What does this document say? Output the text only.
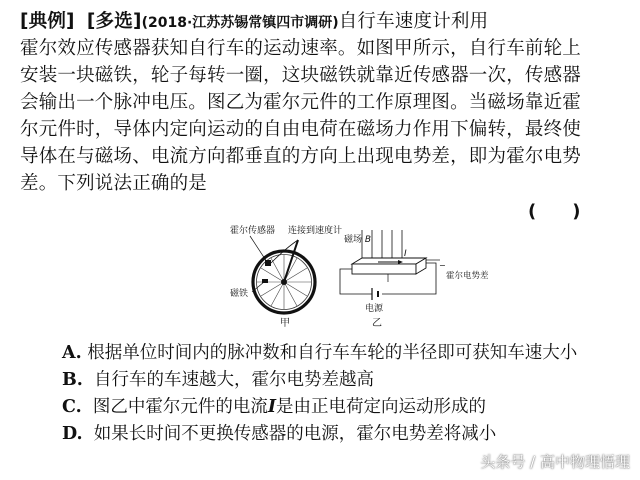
[典例] [多选](2018·江苏苏锡常镇四市调研)自行车速度计利用
霍尔效应传感器获知自行车的运动速率。如图甲所示，自行车前轮上
安装一块磁铁，轮子每转一圈，这块磁铁就靠近传感器一次，传感器
会输出一个脉冲电压。图乙为霍尔元件的工作原理图。当磁场靠近霍
尔元件时，导体内定向运动的自由电荷在磁场力作用下偏转，最终使
导体在与磁场、电流方向都垂直的方向上出现电势差，即为霍尔电势
差。下列说法正确的是
(　　)
霍尔传感器 连接到速度计
磁铁
甲
磁场 B
I
电源
−
霍尔电势差
乙
A. 根据单位时间内的脉冲数和自行车车轮的半径即可获知车速大小
B. 自行车的车速越大，霍尔电势差越高
C. 图乙中霍尔元件的电流I是由正电荷定向运动形成的
D. 如果长时间不更换传感器的电源，霍尔电势差将减小
头条号 / 高中物理悟理
